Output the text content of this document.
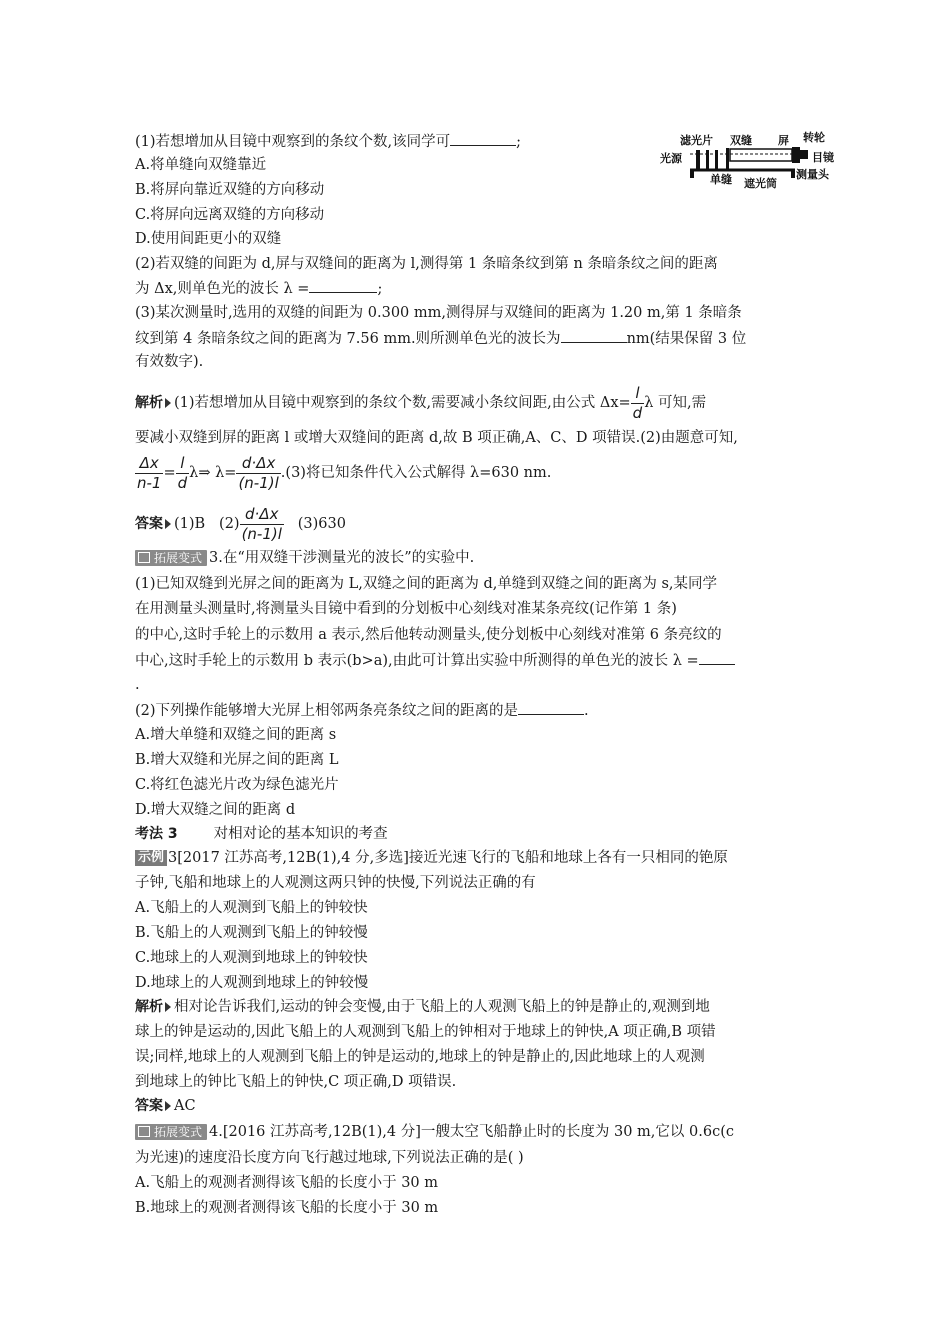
(1)若想增加从目镜中观察到的条纹个数,该同学可	;
A.将单缝向双缝靠近
B.将屏向靠近双缝的方向移动
C.将屏向远离双缝的方向移动
D.使用间距更小的双缝
滤光片 双缝 屏 转轮
光源	目镜
单缝 遮光筒
测量头
(2)若双缝的间距为 d,屏与双缝间的距离为 l,测得第 1 条暗条纹到第 n 条暗条纹之间的距离
为 Δx,则单色光的波长 λ =	;
(3)某次测量时,选用的双缝的间距为 0.300 mm,测得屏与双缝间的距离为 1.20 m,第 1 条暗条
纹到第 4 条暗条纹之间的距离为 7.56 mm.则所测单色光的波长为	nm(结果保留 3 位
有效数字).
解析 (1)若想增加从目镜中观察到的条纹个数,需要减小条纹间距,由公式 $\Delta x= \frac{l}{d}$ λ 可知,需
要减小双缝到屏的距离 l 或增大双缝间的距离 d,故 B 项正确,A、C、D 项错误.(2)由题意可知,
$\frac{\Delta x}{n-1} = \frac{l}{d}$ λ⇒ $\lambda= \frac{d\cdot\Delta x}{(n-1)l} .(3)$将已知条件代入公式解得 λ=630 nm.
答案 (1)B $(2) \frac{d\cdot\Delta x}{(n-1)l} (3)630$
拓展变式 3.在“用双缝干涉测量光的波长”的实验中.
(1)已知双缝到光屏之间的距离为 L,双缝之间的距离为 d,单缝到双缝之间的距离为 s,某同学
在用测量头测量时,将测量头目镜中看到的分划板中心刻线对准某条亮纹(记作第 1 条)
的中心,这时手轮上的示数用 a 表示,然后他转动测量头,使分划板中心刻线对准第 6 条亮纹的
中心,这时手轮上的示数用 b 表示(b>a),由此可计算出实验中所测得的单色光的波长 λ =
.
(2)下列操作能够增大光屏上相邻两条亮条纹之间的距离的是	.
A.增大单缝和双缝之间的距离 s
B.增大双缝和光屏之间的距离 L
C.将红色滤光片改为绿色滤光片
D.增大双缝之间的距离 d
考法 3 对相对论的基本知识的考查
示例 3[2017 江苏高考,12B(1),4 分,多选]接近光速飞行的飞船和地球上各有一只相同的铯原
子钟,飞船和地球上的人观测这两只钟的快慢,下列说法正确的有
A.飞船上的人观测到飞船上的钟较快
B.飞船上的人观测到飞船上的钟较慢
C.地球上的人观测到地球上的钟较快
D.地球上的人观测到地球上的钟较慢
解析 相对论告诉我们,运动的钟会变慢,由于飞船上的人观测飞船上的钟是静止的,观测到地
球上的钟是运动的,因此飞船上的人观测到飞船上的钟相对于地球上的钟快,A 项正确,B 项错
误;同样,地球上的人观测到飞船上的钟是运动的,地球上的钟是静止的,因此地球上的人观测
到地球上的钟比飞船上的钟快,C 项正确,D 项错误.
答案 AC
拓展变式 4.[2016 江苏高考,12B(1),4 分]一艘太空飞船静止时的长度为 30 m,它以 0.6c(c
为光速)的速度沿长度方向飞行越过地球,下列说法正确的是( )
A.飞船上的观测者测得该飞船的长度小于 30 m
B.地球上的观测者测得该飞船的长度小于 30 m
